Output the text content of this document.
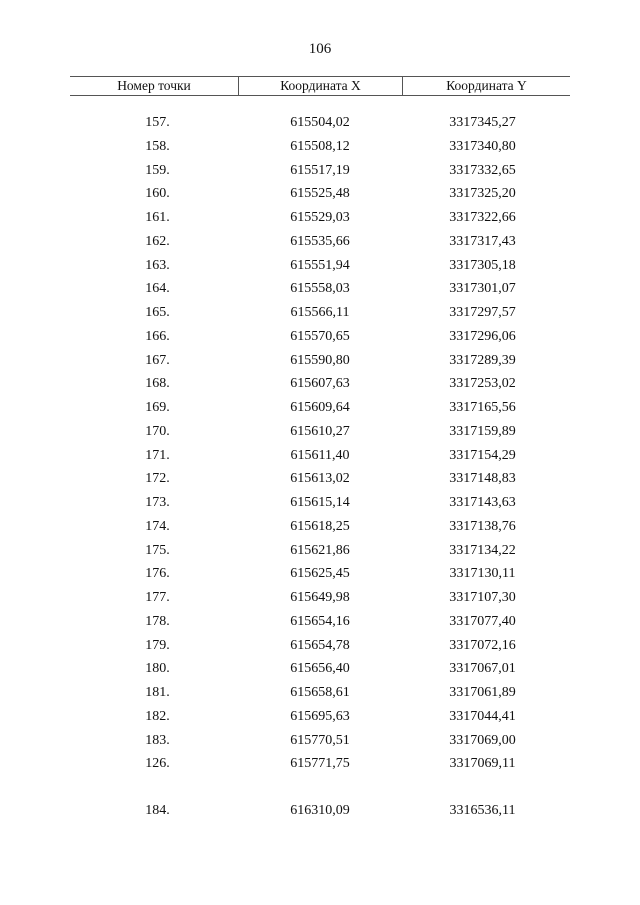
106
Номер точки	Координата X	Координата Y
157.	615504,02	3317345,27
158.	615508,12	3317340,80
159.	615517,19	3317332,65
160.	615525,48	3317325,20
161.	615529,03	3317322,66
162.	615535,66	3317317,43
163.	615551,94	3317305,18
164.	615558,03	3317301,07
165.	615566,11	3317297,57
166.	615570,65	3317296,06
167.	615590,80	3317289,39
168.	615607,63	3317253,02
169.	615609,64	3317165,56
170.	615610,27	3317159,89
171.	615611,40	3317154,29
172.	615613,02	3317148,83
173.	615615,14	3317143,63
174.	615618,25	3317138,76
175.	615621,86	3317134,22
176.	615625,45	3317130,11
177.	615649,98	3317107,30
178.	615654,16	3317077,40
179.	615654,78	3317072,16
180.	615656,40	3317067,01
181.	615658,61	3317061,89
182.	615695,63	3317044,41
183.	615770,51	3317069,00
126.	615771,75	3317069,11
184.	616310,09	3316536,11
